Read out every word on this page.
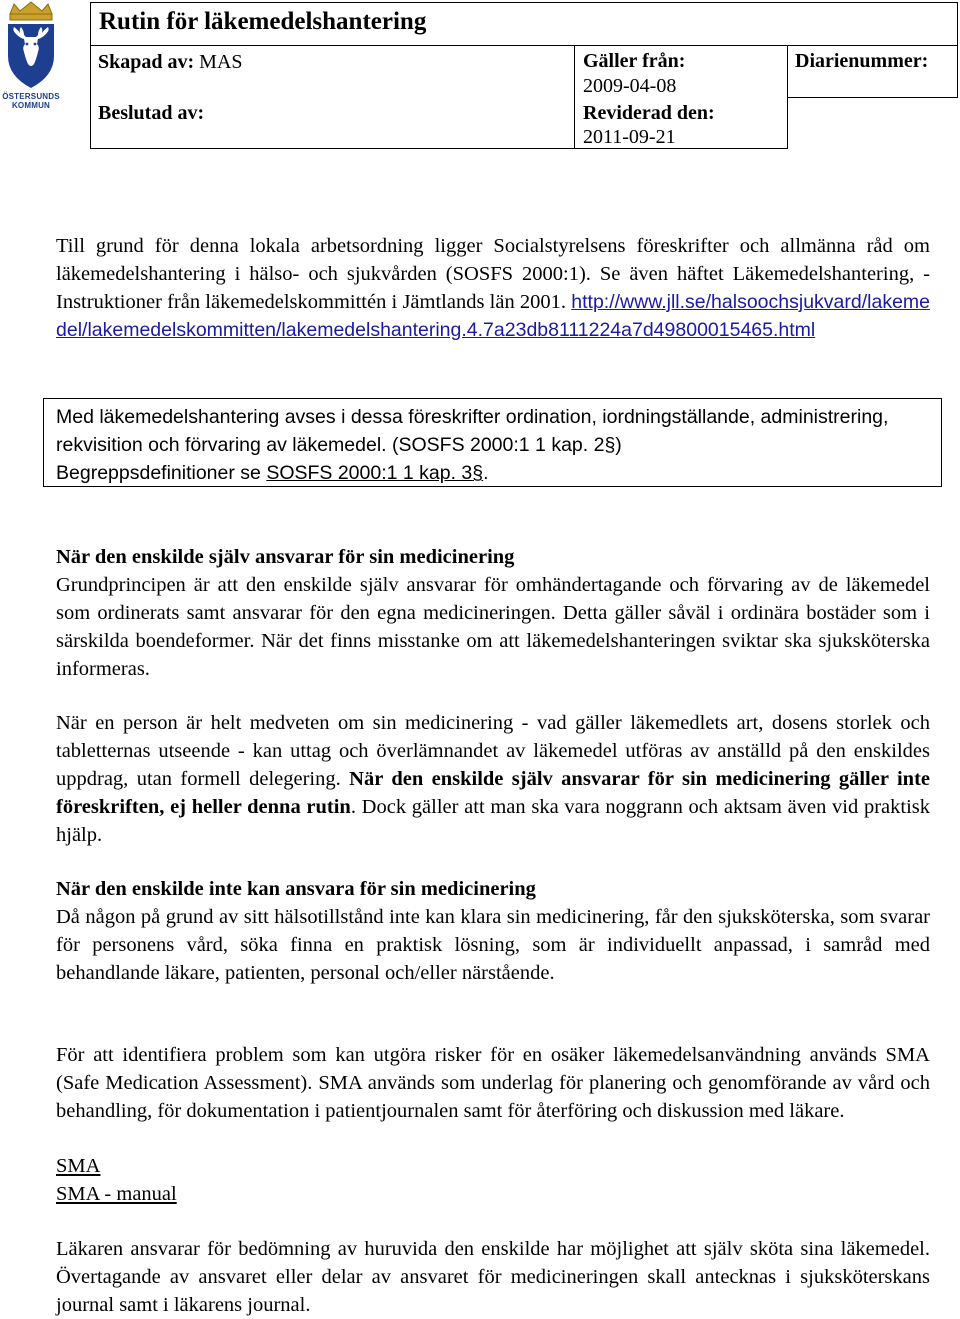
ÖSTERSUNDS
KOMMUN
Rutin för läkemedelshantering
Skapad av: MAS
Beslutad av:
Gäller från:
2009-04-08
Reviderad den:
2011-09-21
Diarienummer:
Till grund för denna lokala arbetsordning ligger Socialstyrelsens föreskrifter och allmänna råd om läkemedelshantering i hälso- och sjukvården (SOSFS 2000:1). Se även häftet Läkemedelshantering, - Instruktioner från läkemedelskommittén i Jämtlands län 2001. http://www.jll.se/halsoochsjukvard/lakemedel/lakemedelskommitten/lakemedelshantering.4.7a23db8111224a7d49800015465.html
Med läkemedelshantering avses i dessa föreskrifter ordination, iordningställande, administrering, rekvisition och förvaring av läkemedel. (SOSFS 2000:1 1 kap. 2§)
Begreppsdefinitioner se SOSFS 2000:1 1 kap. 3§.
När den enskilde själv ansvarar för sin medicinering
Grundprincipen är att den enskilde själv ansvarar för omhändertagande och förvaring av de läkemedel som ordinerats samt ansvarar för den egna medicineringen. Detta gäller såväl i ordinära bostäder som i särskilda boendeformer. När det finns misstanke om att läkemedelshanteringen sviktar ska sjuksköterska informeras.
När en person är helt medveten om sin medicinering - vad gäller läkemedlets art, dosens storlek och tabletternas utseende - kan uttag och överlämnandet av läkemedel utföras av anställd på den enskildes uppdrag, utan formell delegering. När den enskilde själv ansvarar för sin medicinering gäller inte föreskriften, ej heller denna rutin. Dock gäller att man ska vara noggrann och aktsam även vid praktisk hjälp.
När den enskilde inte kan ansvara för sin medicinering
Då någon på grund av sitt hälsotillstånd inte kan klara sin medicinering, får den sjuksköterska, som svarar för personens vård, söka finna en praktisk lösning, som är individuellt anpassad, i samråd med behandlande läkare, patienten, personal och/eller närstående.
För att identifiera problem som kan utgöra risker för en osäker läkemedelsanvändning används SMA (Safe Medication Assessment). SMA används som underlag för planering och genomförande av vård och behandling, för dokumentation i patientjournalen samt för återföring och diskussion med läkare.
SMA
SMA - manual
Läkaren ansvarar för bedömning av huruvida den enskilde har möjlighet att själv sköta sina läkemedel. Övertagande av ansvaret eller delar av ansvaret för medicineringen skall antecknas i sjuksköterskans journal samt i läkarens journal.
